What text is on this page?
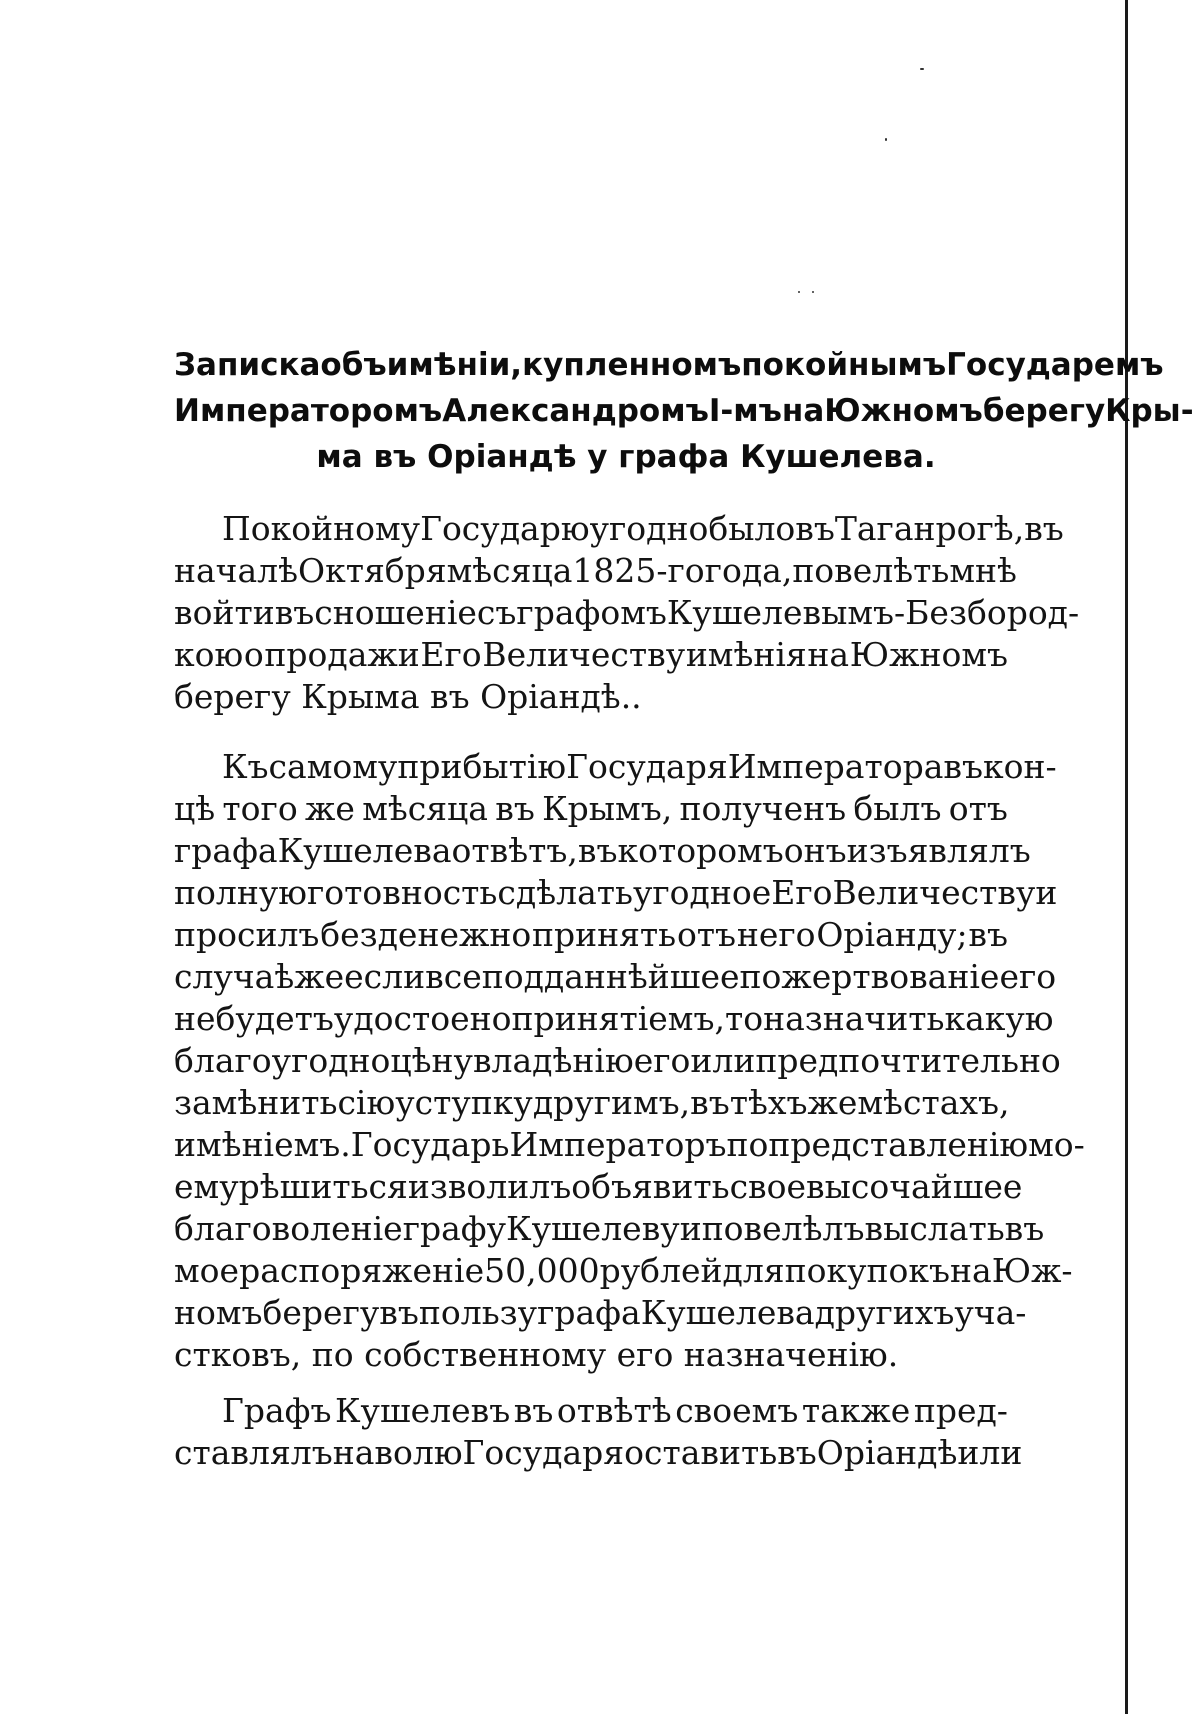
Записка объ имѣніи, купленномъ покойнымъ Государемъ
Императоромъ Александромъ I-мъ на Южномъ берегу Кры-
ма въ Оріандѣ у графа Кушелева.
Покойному Государю угодно было въ Таганрогѣ, въ
началѣ Октября мѣсяца 1825-го года, повелѣть мнѣ
войти въ сношеніе съ графомъ Кушелевымъ-Безбород-
кою о продажи Его Величеству имѣнія на Южномъ
берегу Крыма въ Оріандѣ..
Къ самому прибытію Государя Императора въ кон-
цѣ того же мѣсяца въ Крымъ, полученъ былъ отъ
графа Кушелева отвѣтъ, въ которомъ онъ изъявлялъ
полную готовность сдѣлать угодное Его Величеству и
просилъ безденежно принять отъ него Оріанду; въ
случаѣ же если всеподданнѣйшее пожертвованіе его
не будетъ удостоено принятіемъ, то назначить какую
благоугодно цѣну владѣнію его или предпочтительно
замѣнить сію уступку другимъ, въ тѣхъ же мѣстахъ,
имѣніемъ. Государь Императоръ по представленію мо-
ему рѣшиться изволилъ объявить свое высочайшее
благоволеніе графу Кушелеву и повелѣлъ выслать въ
мое распоряженіе 50,000 рублей для покупокъ на Юж-
номъ берегу въ пользу графа Кушелева другихъ уча-
стковъ, по собственному его назначенію.
Графъ Кушелевъ въ отвѣтѣ своемъ также пред-
ставлялъ на волю Государя оставить въ Оріандѣ или
